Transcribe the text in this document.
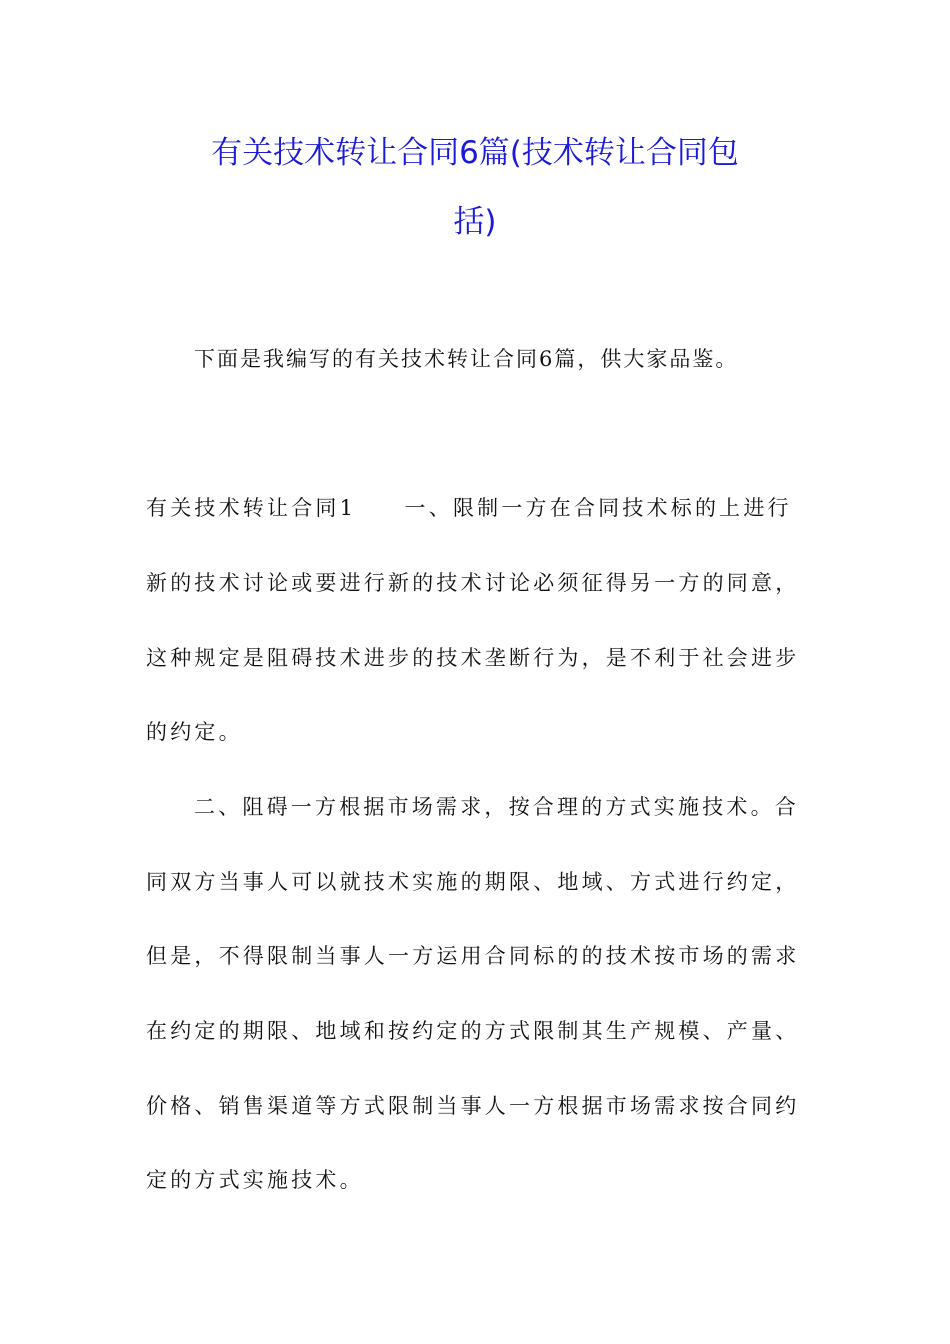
有关技术转让合同6篇(技术转让合同包
括)

下面是我编写的有关技术转让合同6篇，供大家品鉴。

有关技术转让合同1　　一、限制一方在合同技术标的上进行

新的技术讨论或要进行新的技术讨论必须征得另一方的同意，

这种规定是阻碍技术进步的技术垄断行为，是不利于社会进步

的约定。

二、阻碍一方根据市场需求，按合理的方式实施技术。合

同双方当事人可以就技术实施的期限、地域、方式进行约定，

但是，不得限制当事人一方运用合同标的的技术按市场的需求

在约定的期限、地域和按约定的方式限制其生产规模、产量、

价格、销售渠道等方式限制当事人一方根据市场需求按合同约

定的方式实施技术。
